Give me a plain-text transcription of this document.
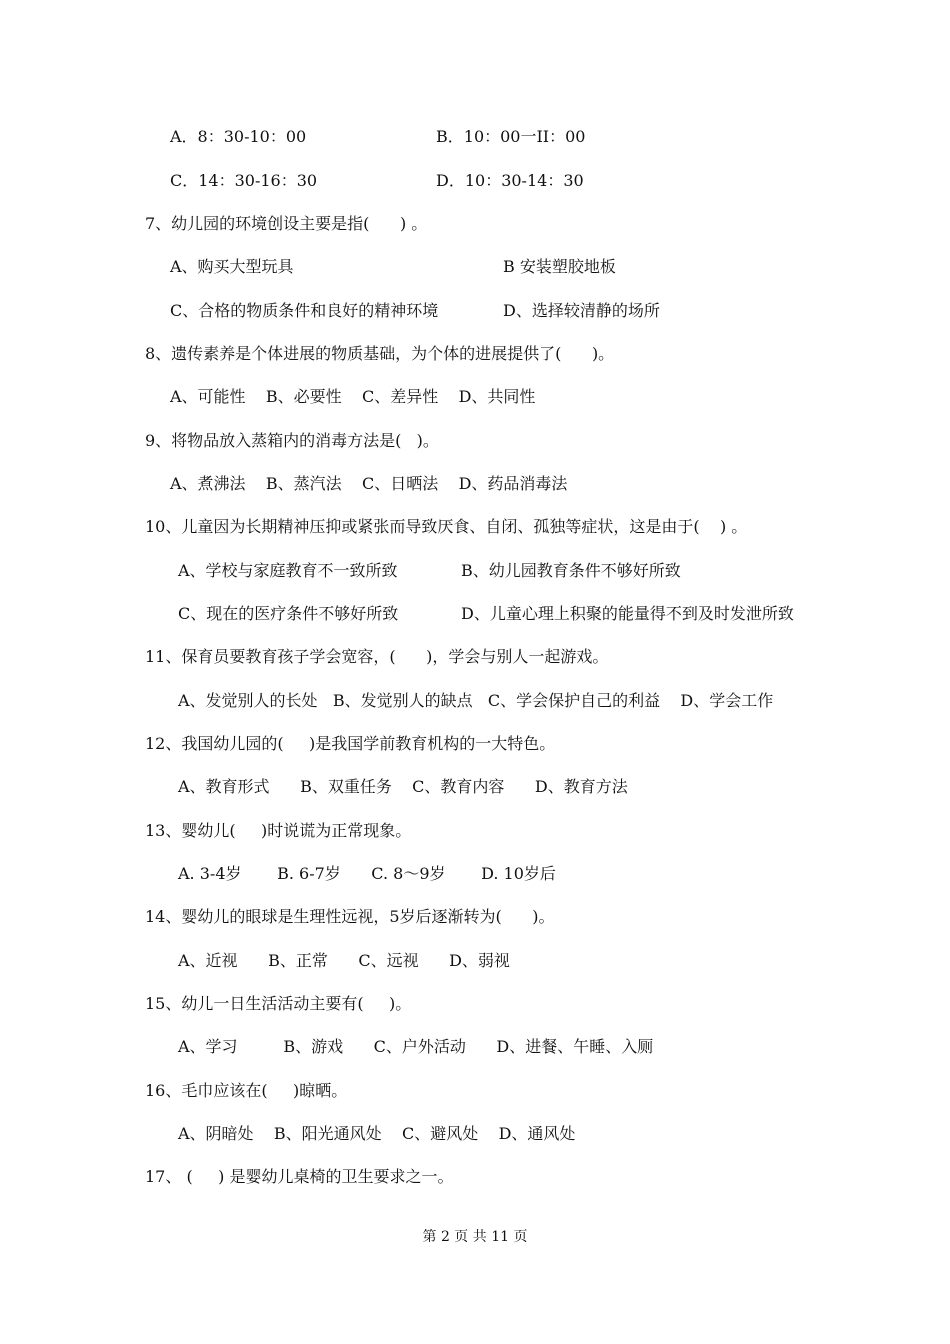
A．8：30-10：00	B．10：00一II：00
C．14：30-16：30	D．10：30-14：30
7、幼儿园的环境创设主要是指(      ) 。
A、购买大型玩具	B 安装塑胶地板
C、合格的物质条件和良好的精神环境	D、选择较清静的场所
8、遗传素养是个体进展的物质基础，为个体的进展提供了(      )。
A、可能性    B、必要性    C、差异性    D、共同性
9、将物品放入蒸箱内的消毒方法是(   )。
A、煮沸法    B、蒸汽法    C、日晒法    D、药品消毒法
10、儿童因为长期精神压抑或紧张而导致厌食、自闭、孤独等症状，这是由于(    ) 。
A、学校与家庭教育不一致所致	B、幼儿园教育条件不够好所致
C、现在的医疗条件不够好所致	D、儿童心理上积聚的能量得不到及时发泄所致
11、保育员要教育孩子学会宽容，(      )，学会与别人一起游戏。
A、发觉别人的长处   B、发觉别人的缺点   C、学会保护自己的利益    D、学会工作
12、我国幼儿园的(     )是我国学前教育机构的一大特色。
A、教育形式      B、双重任务    C、教育内容      D、教育方法
13、婴幼儿(     )时说谎为正常现象。
A. 3-4岁       B. 6-7岁      C. 8～9岁       D. 10岁后
14、婴幼儿的眼球是生理性远视，5岁后逐渐转为(      )。
A、近视      B、正常      C、远视      D、弱视
15、幼儿一日生活活动主要有(     )。
A、学习         B、游戏      C、户外活动      D、进餐、午睡、入厕
16、毛巾应该在(     )晾晒。
A、阴暗处    B、阳光通风处    C、避风处    D、通风处
17、 (     ) 是婴幼儿桌椅的卫生要求之一。
第 2 页 共 11 页
